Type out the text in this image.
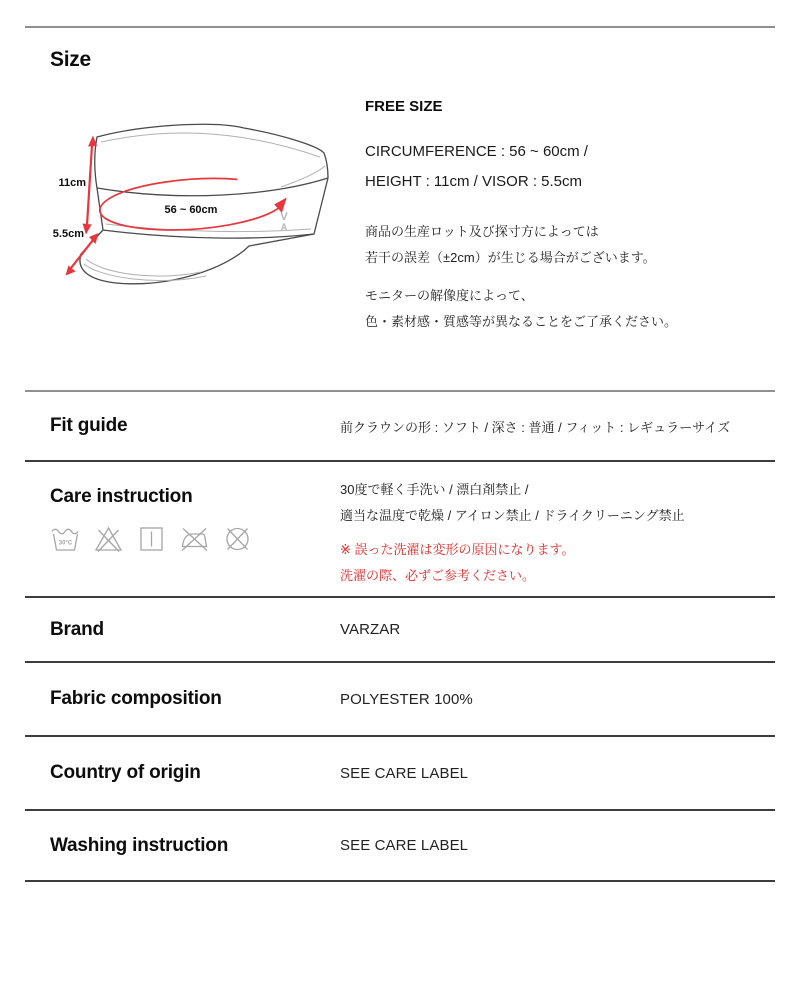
Size
V
A
11cm
5.5cm
56 ~ 60cm
FREE SIZE
CIRCUMFERENCE : 56 ~ 60cm /
HEIGHT : 11cm / VISOR : 5.5cm
商品の生産ロット及び探寸方によっては
若干の誤差（±2cm）が生じる場合がございます。
モニターの解像度によって、
色・素材感・質感等が異なることをご了承ください。
Fit guide	前クラウンの形 : ソフト / 深さ : 普通 / フィット : レギュラーサイズ
Care instruction
30°C
30度で軽く手洗い / 漂白剤禁止 /
適当な温度で乾燥 / アイロン禁止 / ドライクリーニング禁止
※ 誤った洗濯は変形の原因になります。
洗濯の際、必ずご参考ください。
Brand	VARZAR
Fabric composition	POLYESTER 100%
Country of origin	SEE CARE LABEL
Washing instruction	SEE CARE LABEL
